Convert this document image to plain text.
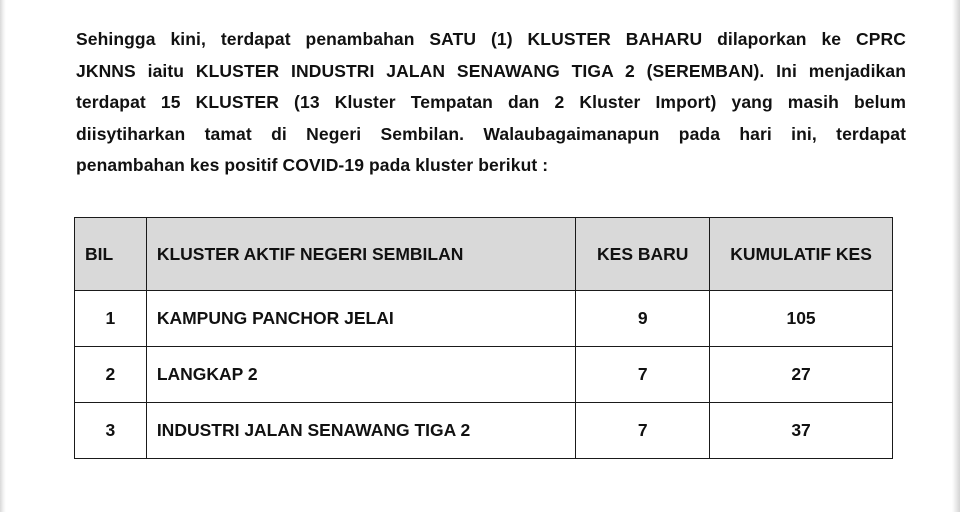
Sehingga kini, terdapat penambahan SATU (1) KLUSTER BAHARU dilaporkan ke CPRC
JKNNS iaitu KLUSTER INDUSTRI JALAN SENAWANG TIGA 2 (SEREMBAN). Ini menjadikan
terdapat 15 KLUSTER (13 Kluster Tempatan dan 2 Kluster Import) yang masih belum
diisytiharkan tamat di Negeri Sembilan. Walaubagaimanapun pada hari ini, terdapat
penambahan kes positif COVID-19 pada kluster berikut :

BIL	KLUSTER AKTIF NEGERI SEMBILAN	KES BARU	KUMULATIF KES
1	KAMPUNG PANCHOR JELAI	9	105
2	LANGKAP 2	7	27
3	INDUSTRI JALAN SENAWANG TIGA 2	7	37
